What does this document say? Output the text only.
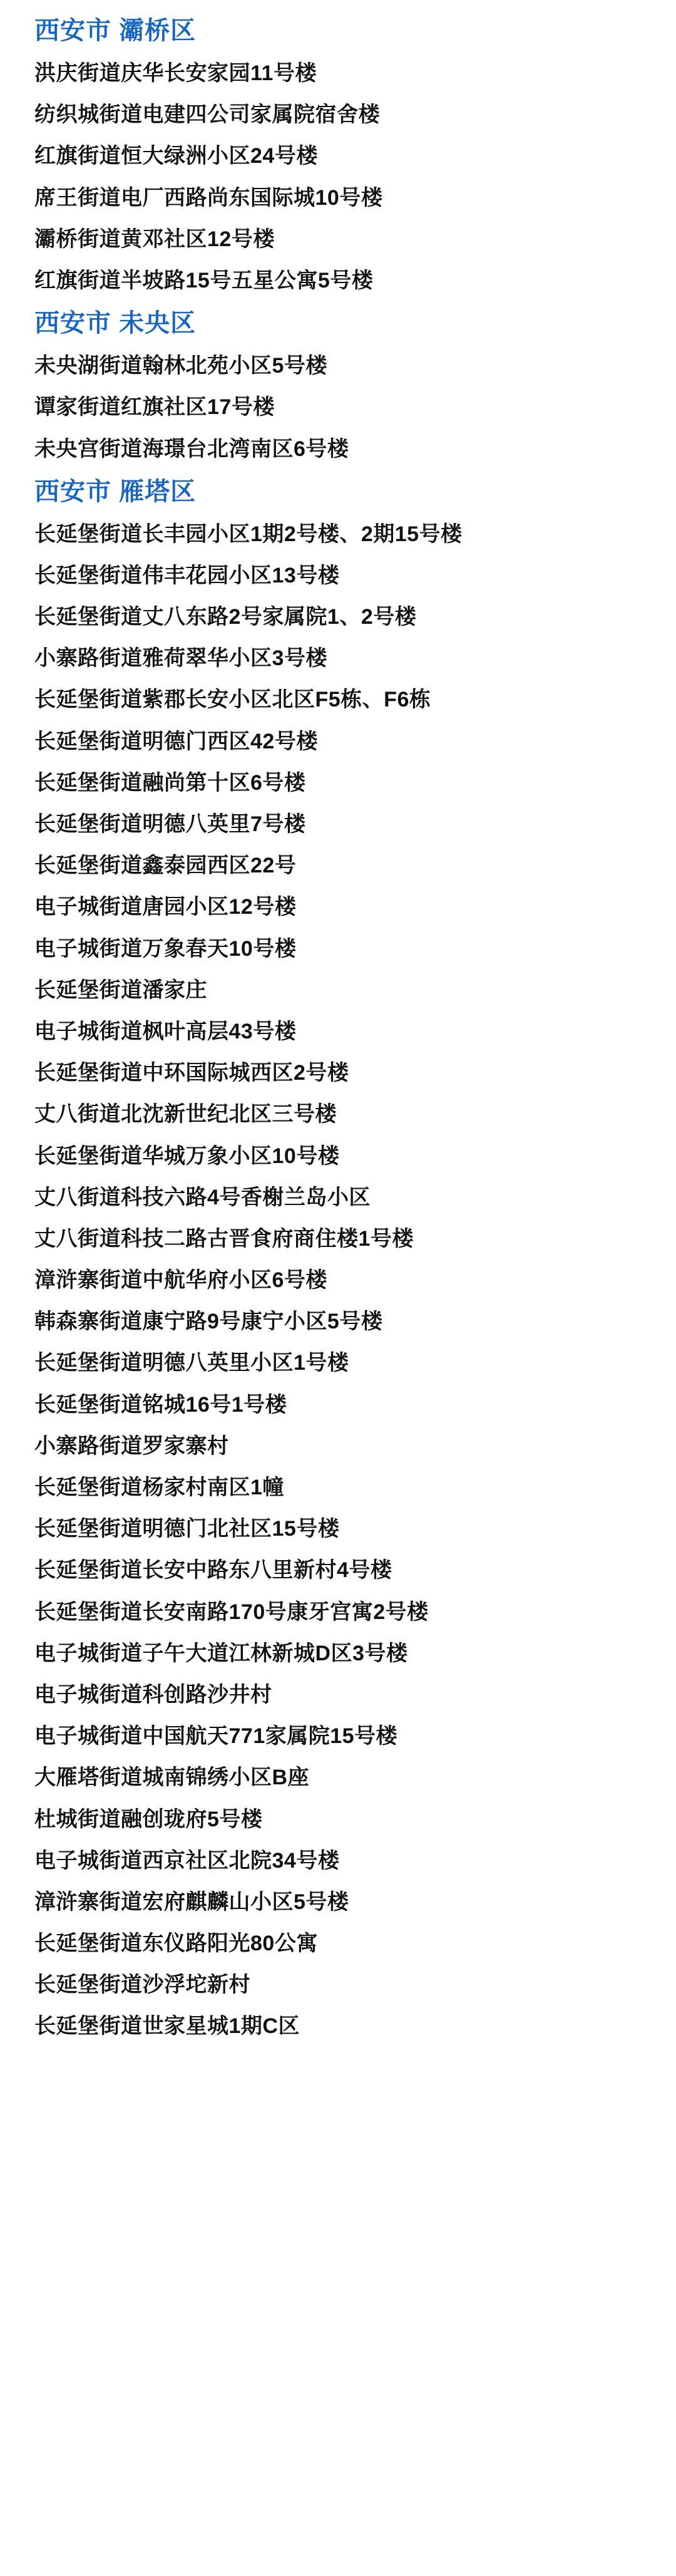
西安市 灞桥区
洪庆街道庆华长安家园11号楼
纺织城街道电建四公司家属院宿舍楼
红旗街道恒大绿洲小区24号楼
席王街道电厂西路尚东国际城10号楼
灞桥街道黄邓社区12号楼
红旗街道半坡路15号五星公寓5号楼
西安市 未央区
未央湖街道翰林北苑小区5号楼
谭家街道红旗社区17号楼
未央宫街道海璟台北湾南区6号楼
西安市 雁塔区
长延堡街道长丰园小区1期2号楼、2期15号楼
长延堡街道伟丰花园小区13号楼
长延堡街道丈八东路2号家属院1、2号楼
小寨路街道雅荷翠华小区3号楼
长延堡街道紫郡长安小区北区F5栋、F6栋
长延堡街道明德门西区42号楼
长延堡街道融尚第十区6号楼
长延堡街道明德八英里7号楼
长延堡街道鑫泰园西区22号
电子城街道唐园小区12号楼
电子城街道万象春天10号楼
长延堡街道潘家庄
电子城街道枫叶高层43号楼
长延堡街道中环国际城西区2号楼
丈八街道北沈新世纪北区三号楼
长延堡街道华城万象小区10号楼
丈八街道科技六路4号香榭兰岛小区
丈八街道科技二路古晋食府商住楼1号楼
漳浒寨街道中航华府小区6号楼
韩森寨街道康宁路9号康宁小区5号楼
长延堡街道明德八英里小区1号楼
长延堡街道铭城16号1号楼
小寨路街道罗家寨村
长延堡街道杨家村南区1幢
长延堡街道明德门北社区15号楼
长延堡街道长安中路东八里新村4号楼
长延堡街道长安南路170号康牙宫寓2号楼
电子城街道子午大道江林新城D区3号楼
电子城街道科创路沙井村
电子城街道中国航天771家属院15号楼
大雁塔街道城南锦绣小区B座
杜城街道融创珑府5号楼
电子城街道西京社区北院34号楼
漳浒寨街道宏府麒麟山小区5号楼
长延堡街道东仪路阳光80公寓
长延堡街道沙浮坨新村
长延堡街道世家星城1期C区
